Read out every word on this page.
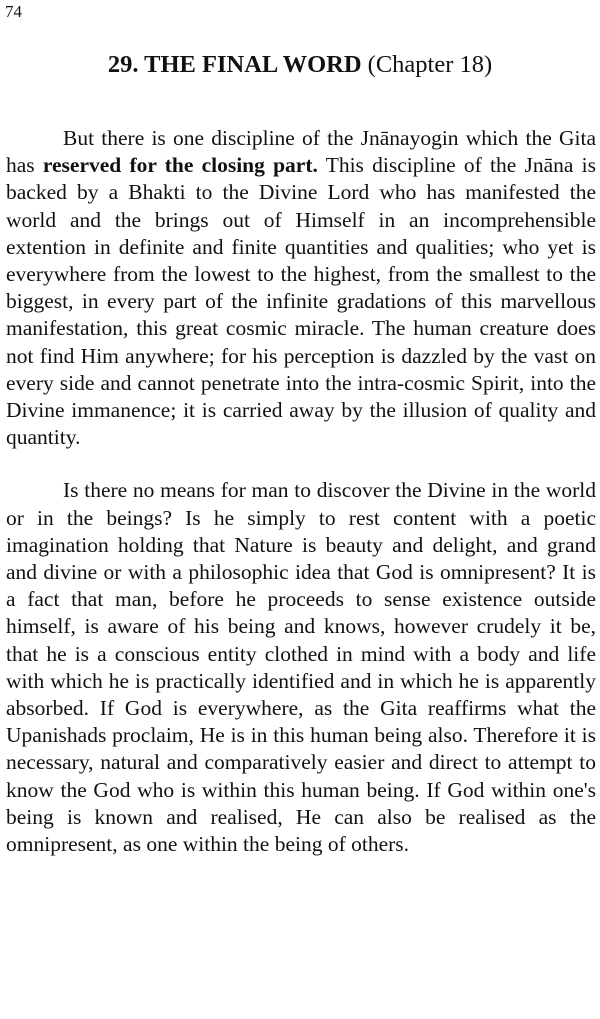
74
29. THE FINAL WORD (Chapter 18)

But there is one discipline of the Jnānayogin which the Gita has reserved for the closing part. This discipline of the Jnāna is backed by a Bhakti to the Divine Lord who has manifested the world and the brings out of Himself in an incomprehensible extention in definite and finite quantities and qualities; who yet is everywhere from the lowest to the highest, from the smallest to the biggest, in every part of the infinite gradations of this marvellous manifestation, this great cosmic miracle. The human creature does not find Him anywhere; for his perception is dazzled by the vast on every side and cannot penetrate into the intra-cosmic Spirit, into the Divine immanence; it is carried away by the illusion of quality and quantity.

Is there no means for man to discover the Divine in the world or in the beings? Is he simply to rest content with a poetic imagination holding that Nature is beauty and delight, and grand and divine or with a philosophic idea that God is omnipresent? It is a fact that man, before he proceeds to sense existence outside himself, is aware of his being and knows, however crudely it be, that he is a conscious entity clothed in mind with a body and life with which he is practically identified and in which he is apparently absorbed. If God is everywhere, as the Gita reaffirms what the Upanishads proclaim, He is in this human being also. Therefore it is necessary, natural and comparatively easier and direct to attempt to know the God who is within this human being. If God within one's being is known and realised, He can also be realised as the omnipresent, as one within the being of others.
